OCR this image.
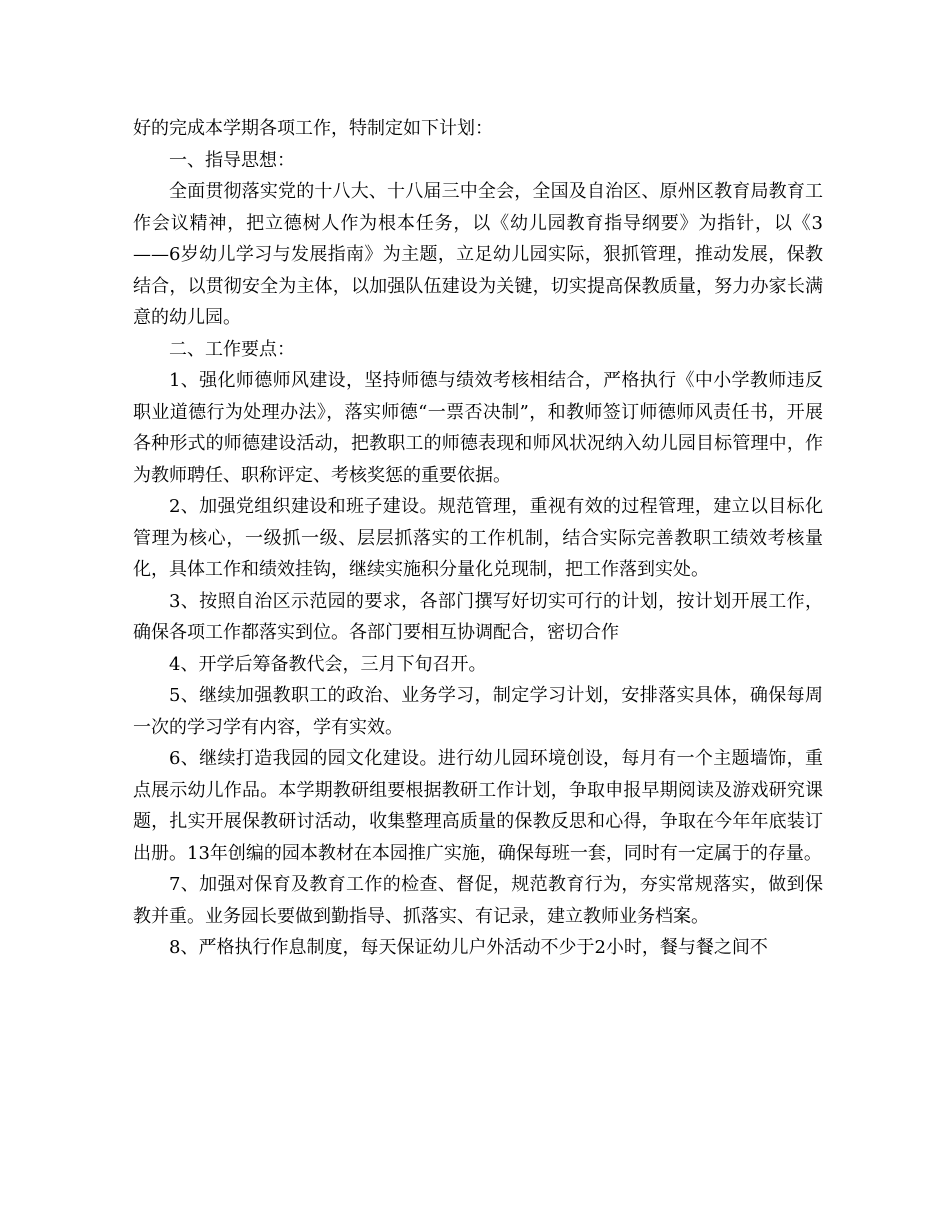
好的完成本学期各项工作，特制定如下计划：

一、指导思想：

全面贯彻落实党的十八大、十八届三中全会，全国及自治区、原州区教育局教育工作会议精神，把立德树人作为根本任务，以《幼儿园教育指导纲要》为指针，以《3——6岁幼儿学习与发展指南》为主题，立足幼儿园实际，狠抓管理，推动发展，保教结合，以贯彻安全为主体，以加强队伍建设为关键，切实提高保教质量，努力办家长满意的幼儿园。

二、工作要点：

1、强化师德师风建设，坚持师德与绩效考核相结合，严格执行《中小学教师违反职业道德行为处理办法》，落实师德“一票否决制”，和教师签订师德师风责任书，开展各种形式的师德建设活动，把教职工的师德表现和师风状况纳入幼儿园目标管理中，作为教师聘任、职称评定、考核奖惩的重要依据。

2、加强党组织建设和班子建设。规范管理，重视有效的过程管理，建立以目标化管理为核心，一级抓一级、层层抓落实的工作机制，结合实际完善教职工绩效考核量化，具体工作和绩效挂钩，继续实施积分量化兑现制，把工作落到实处。

3、按照自治区示范园的要求，各部门撰写好切实可行的计划，按计划开展工作，确保各项工作都落实到位。各部门要相互协调配合，密切合作

4、开学后筹备教代会，三月下旬召开。

5、继续加强教职工的政治、业务学习，制定学习计划，安排落实具体，确保每周一次的学习学有内容，学有实效。

6、继续打造我园的园文化建设。进行幼儿园环境创设，每月有一个主题墙饰，重点展示幼儿作品。本学期教研组要根据教研工作计划，争取申报早期阅读及游戏研究课题，扎实开展保教研讨活动，收集整理高质量的保教反思和心得，争取在今年年底装订出册。13年创编的园本教材在本园推广实施，确保每班一套，同时有一定属于的存量。

7、加强对保育及教育工作的检查、督促，规范教育行为，夯实常规落实，做到保教并重。业务园长要做到勤指导、抓落实、有记录，建立教师业务档案。

8、严格执行作息制度，每天保证幼儿户外活动不少于2小时，餐与餐之间不
